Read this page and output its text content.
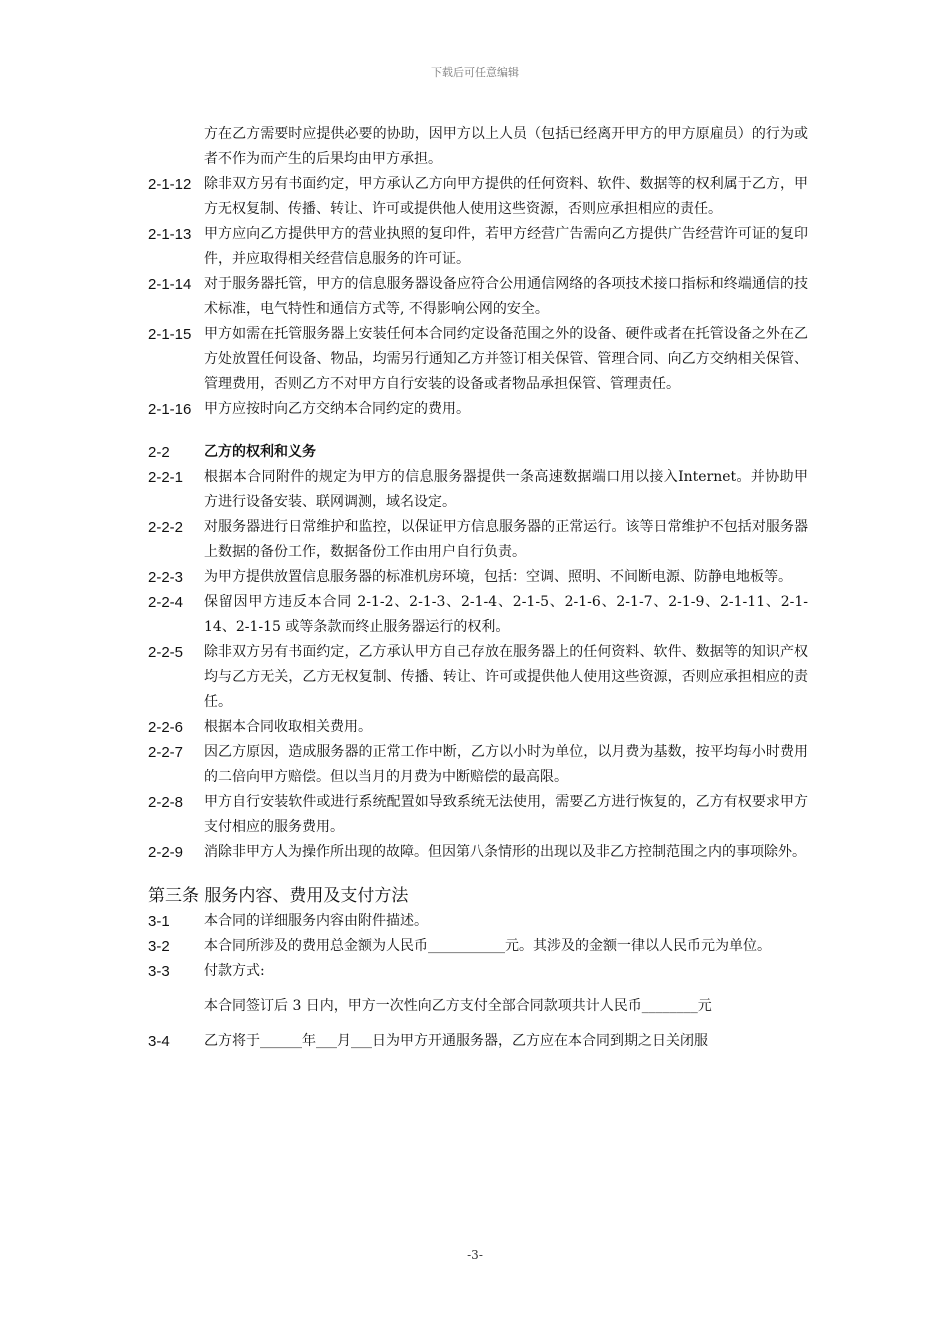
下载后可任意编辑
方在乙方需要时应提供必要的协助，因甲方以上人员（包括已经离开甲方的甲方原雇员）的行为或者不作为而产生的后果均由甲方承担。
2-1-12 除非双方另有书面约定，甲方承认乙方向甲方提供的任何资料、软件、数据等的权利属于乙方，甲方无权复制、传播、转让、许可或提供他人使用这些资源，否则应承担相应的责任。
2-1-13 甲方应向乙方提供甲方的营业执照的复印件，若甲方经营广告需向乙方提供广告经营许可证的复印件，并应取得相关经营信息服务的许可证。
2-1-14 对于服务器托管，甲方的信息服务器设备应符合公用通信网络的各项技术接口指标和终端通信的技术标准，电气特性和通信方式等, 不得影响公网的安全。
2-1-15 甲方如需在托管服务器上安装任何本合同约定设备范围之外的设备、硬件或者在托管设备之外在乙方处放置任何设备、物品，均需另行通知乙方并签订相关保管、管理合同、向乙方交纳相关保管、管理费用，否则乙方不对甲方自行安装的设备或者物品承担保管、管理责任。
2-1-16 甲方应按时向乙方交纳本合同约定的费用。
2-2	乙方的权利和义务
2-2-1	根据本合同附件的规定为甲方的信息服务器提供一条高速数据端口用以接入Internet。并协助甲方进行设备安装、联网调测，域名设定。
2-2-2	对服务器进行日常维护和监控，以保证甲方信息服务器的正常运行。该等日常维护不包括对服务器上数据的备份工作，数据备份工作由用户自行负责。
2-2-3	为甲方提供放置信息服务器的标准机房环境，包括：空调、照明、不间断电源、防静电地板等。
2-2-4	保留因甲方违反本合同 2-1-2、2-1-3、2-1-4、2-1-5、2-1-6、2-1-7、2-1-9、2-1-11、2-1-14、2-1-15 或等条款而终止服务器运行的权利。
2-2-5	除非双方另有书面约定，乙方承认甲方自己存放在服务器上的任何资料、软件、数据等的知识产权均与乙方无关，乙方无权复制、传播、转让、许可或提供他人使用这些资源，否则应承担相应的责任。
2-2-6	根据本合同收取相关费用。
2-2-7	因乙方原因，造成服务器的正常工作中断，乙方以小时为单位，以月费为基数，按平均每小时费用的二倍向甲方赔偿。但以当月的月费为中断赔偿的最高限。
2-2-8	甲方自行安装软件或进行系统配置如导致系统无法使用，需要乙方进行恢复的，乙方有权要求甲方支付相应的服务费用。
2-2-9	消除非甲方人为操作所出现的故障。但因第八条情形的出现以及非乙方控制范围之内的事项除外。
第三条 服务内容、费用及支付方法
3-1	本合同的详细服务内容由附件描述。
3-2	本合同所涉及的费用总金额为人民币___________元。其涉及的金额一律以人民币元为单位。
3-3	付款方式:
本合同签订后 3 日内，甲方一次性向乙方支付全部合同款项共计人民币________元
3-4	乙方将于______年___月___日为甲方开通服务器，乙方应在本合同到期之日关闭服
-3-
